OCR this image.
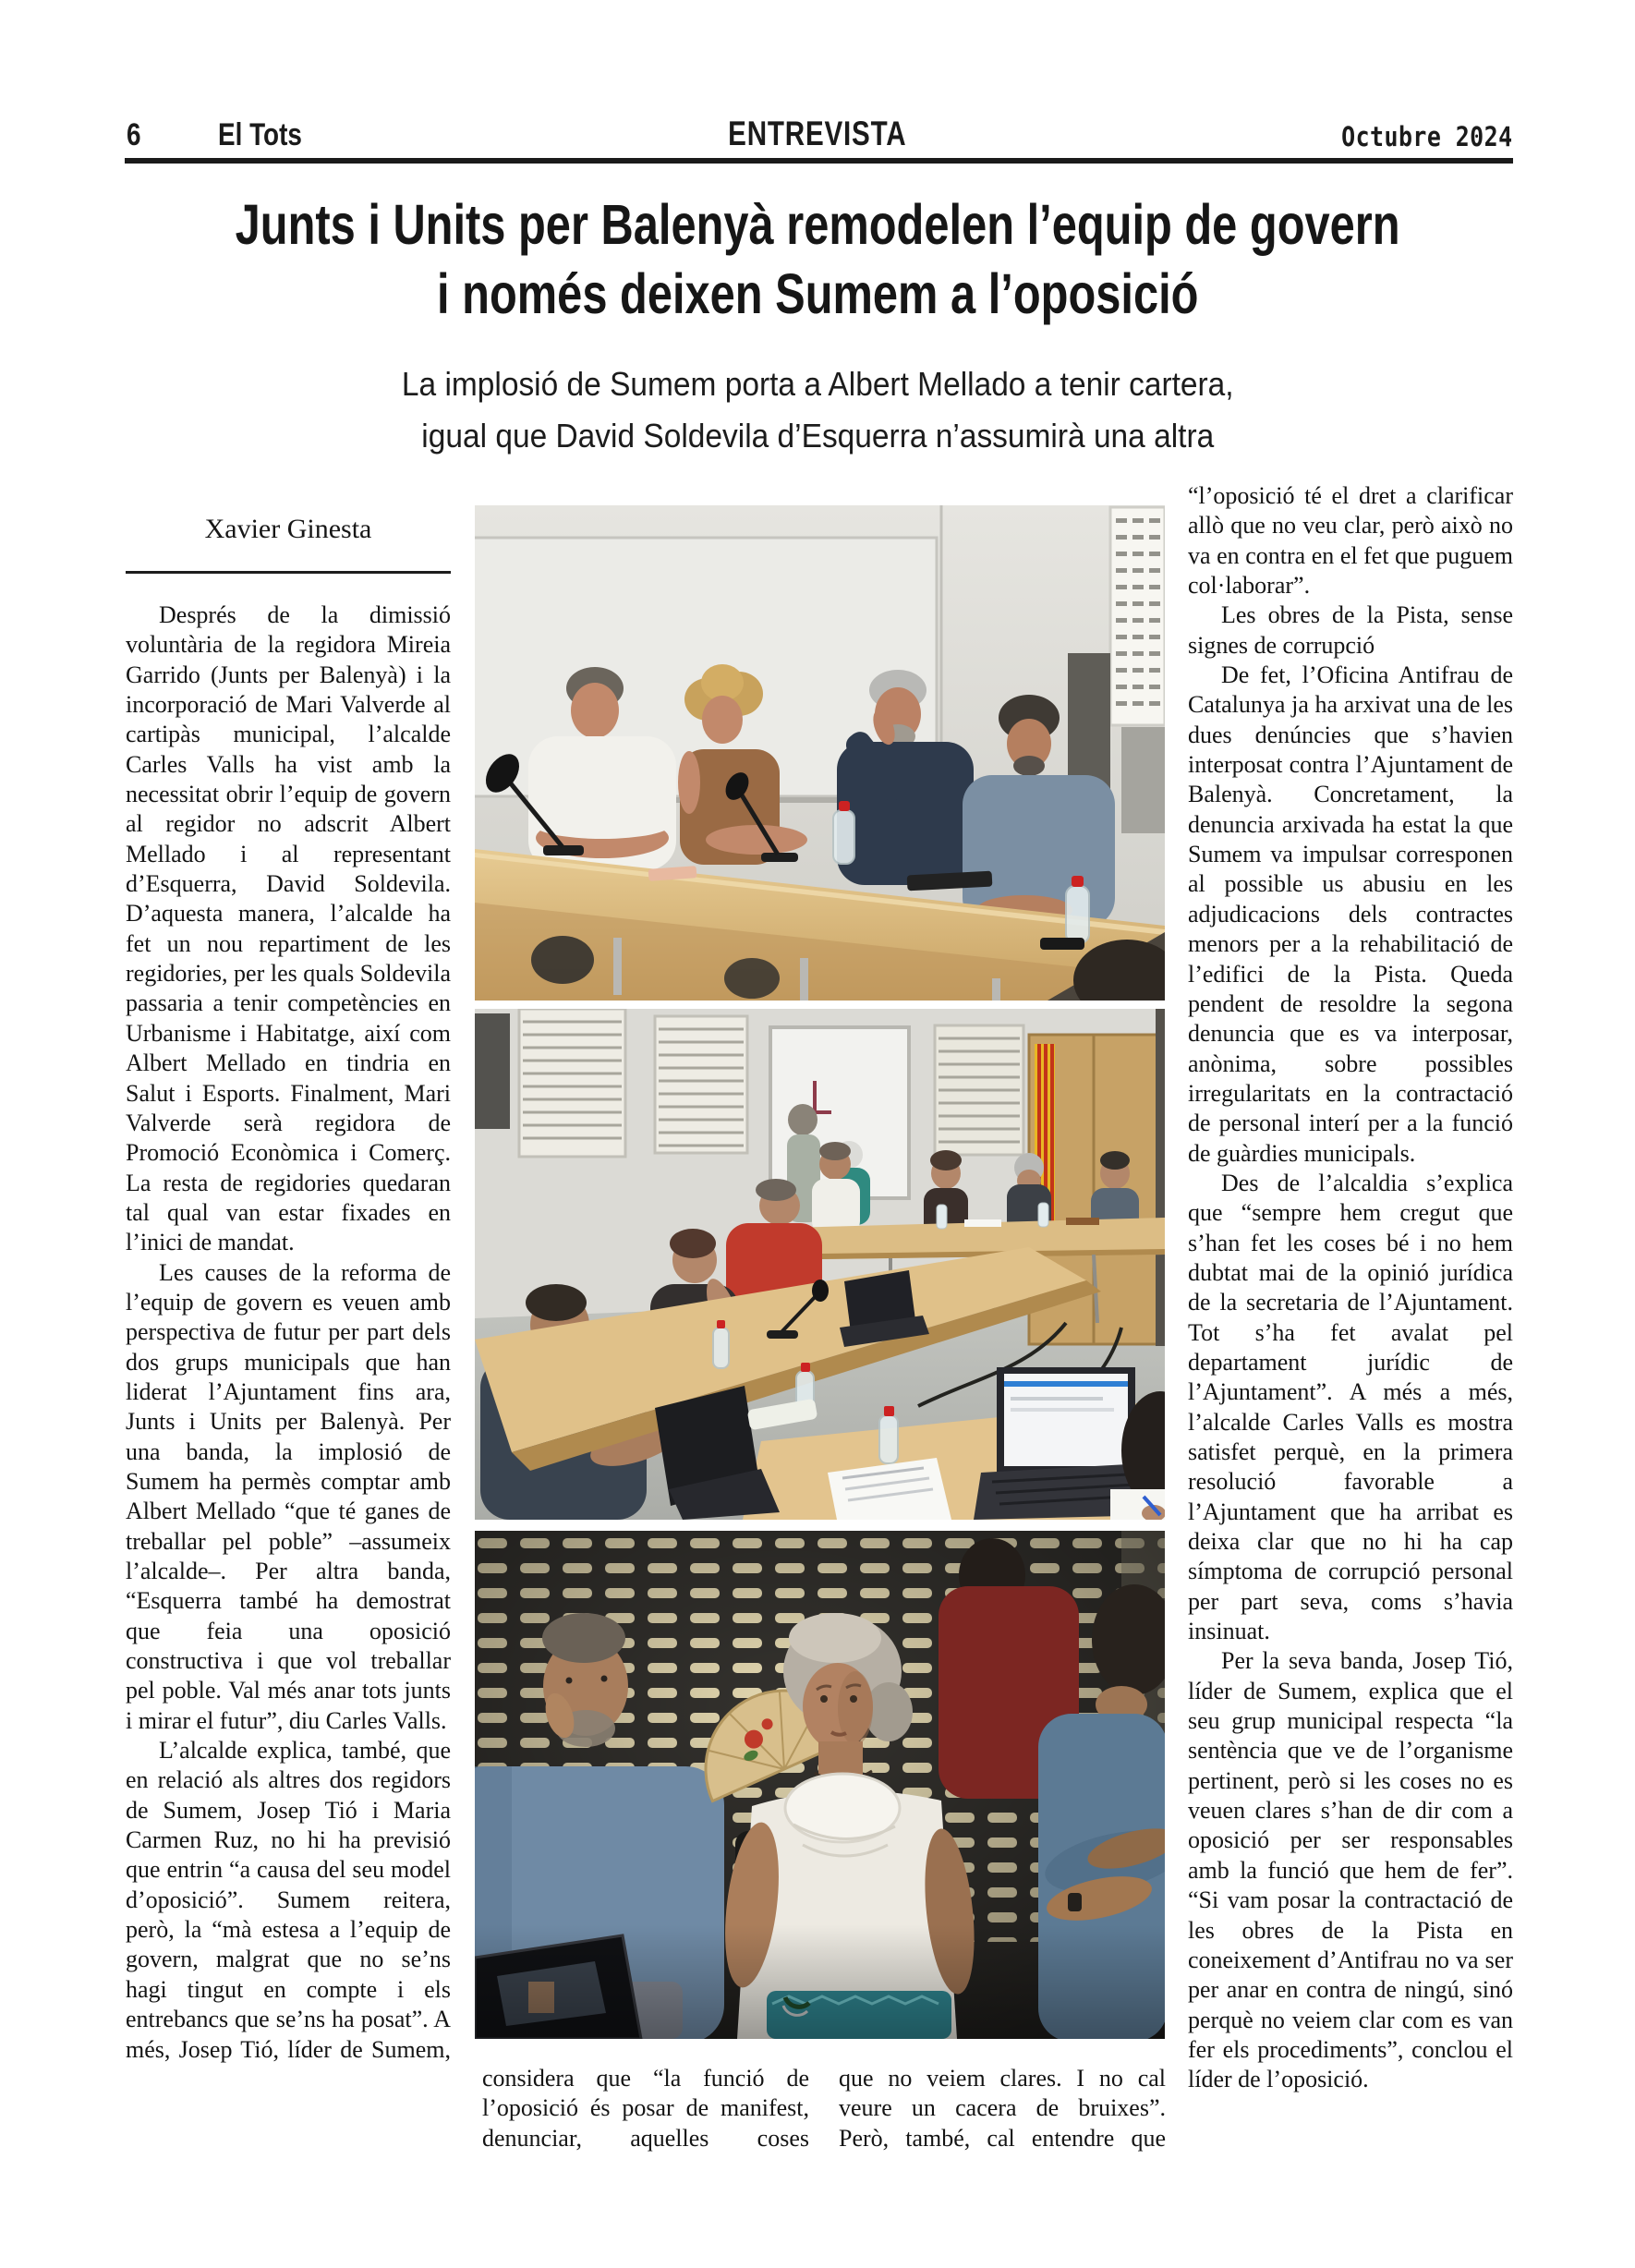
6 El Tots	ENTREVISTA	Octubre 2024
Junts i Units per Balenyà remodelen l’equip de govern
i només deixen Sumem a l’oposició
La implosió de Sumem porta a Albert Mellado a tenir cartera,
igual que David Soldevila d’Esquerra n’assumirà una altra
Xavier Ginesta

Després de la dimissió voluntària de la regidora Mireia Garrido (Junts per Balenyà) i la incorporació de Mari Valverde al cartipàs municipal, l’alcalde Carles Valls ha vist amb la necessitat obrir l’equip de govern al regidor no adscrit Albert Mellado i al representant d’Esquerra, David Soldevila. D’aquesta manera, l’alcalde ha fet un nou repartiment de les regidories, per les quals Soldevila passaria a tenir competències en Urbanisme i Habitatge, així com Albert Mellado en tindria en Salut i Esports. Finalment, Mari Valverde serà regidora de Promoció Econòmica i Comerç. La resta de regidories quedaran tal qual van estar fixades en l’inici de mandat.

Les causes de la reforma de l’equip de govern es veuen amb perspectiva de futur per part dels dos grups municipals que han liderat l’Ajuntament fins ara, Junts i Units per Balenyà. Per una banda, la implosió de Sumem ha permès comptar amb Albert Mellado “que té ganes de treballar pel poble” –assumeix l’alcalde–. Per altra banda, “Esquerra també ha demostrat que feia una oposició constructiva i que vol treballar pel poble. Val més anar tots junts i mirar el futur”, diu Carles Valls.

L’alcalde explica, també, que en relació als altres dos regidors de Sumem, Josep Tió i Maria Carmen Ruz, no hi ha previsió que entrin “a causa del seu model d’oposició”. Sumem reitera, però, la “mà estesa a l’equip de govern, malgrat que no se’ns hagi tingut en compte i els entrebancs que se’ns ha posat”. A més, Josep Tió, líder de Sumem,

“l’oposició té el dret a clarificar allò que no veu clar, però això no va en contra en el fet que puguem col·laborar”.

Les obres de la Pista, sense signes de corrupció

De fet, l’Oficina Antifrau de Catalunya ja ha arxivat una de les dues denúncies que s’havien interposat contra l’Ajuntament de Balenyà. Concretament, la denuncia arxivada ha estat la que Sumem va impulsar corresponen al possible us abusiu en les adjudicacions dels contractes menors per a la rehabilitació de l’edifici de la Pista. Queda pendent de resoldre la segona denuncia que es va interposar, anònima, sobre possibles irregularitats en la contractació de personal interí per a la funció de guàrdies municipals.

Des de l’alcaldia s’explica que “sempre hem cregut que s’han fet les coses bé i no hem dubtat mai de la opinió jurídica de la secretaria de l’Ajuntament. Tot s’ha fet avalat pel departament jurídic de l’Ajuntament”. A més a més, l’alcalde Carles Valls es mostra satisfet perquè, en la primera resolució favorable a l’Ajuntament que ha arribat es deixa clar que no hi ha cap símptoma de corrupció personal per part seva, coms s’havia insinuat.

Per la seva banda, Josep Tió, líder de Sumem, explica que el seu grup municipal respecta “la sentència que ve de l’organisme pertinent, però si les coses no es veuen clares s’han de dir com a oposició per ser responsables amb la funció que hem de fer”. “Si vam posar la contractació de les obres de la Pista en coneixement d’Antifrau no va ser per anar en contra de ningú, sinó perquè no veiem clar com es van fer els procediments”, conclou el líder de l’oposició.

considera que “la funció de l’oposició és posar de manifest, denunciar, aquelles coses

que no veiem clares. I no cal veure un cacera de bruixes”. Però, també, cal entendre que
